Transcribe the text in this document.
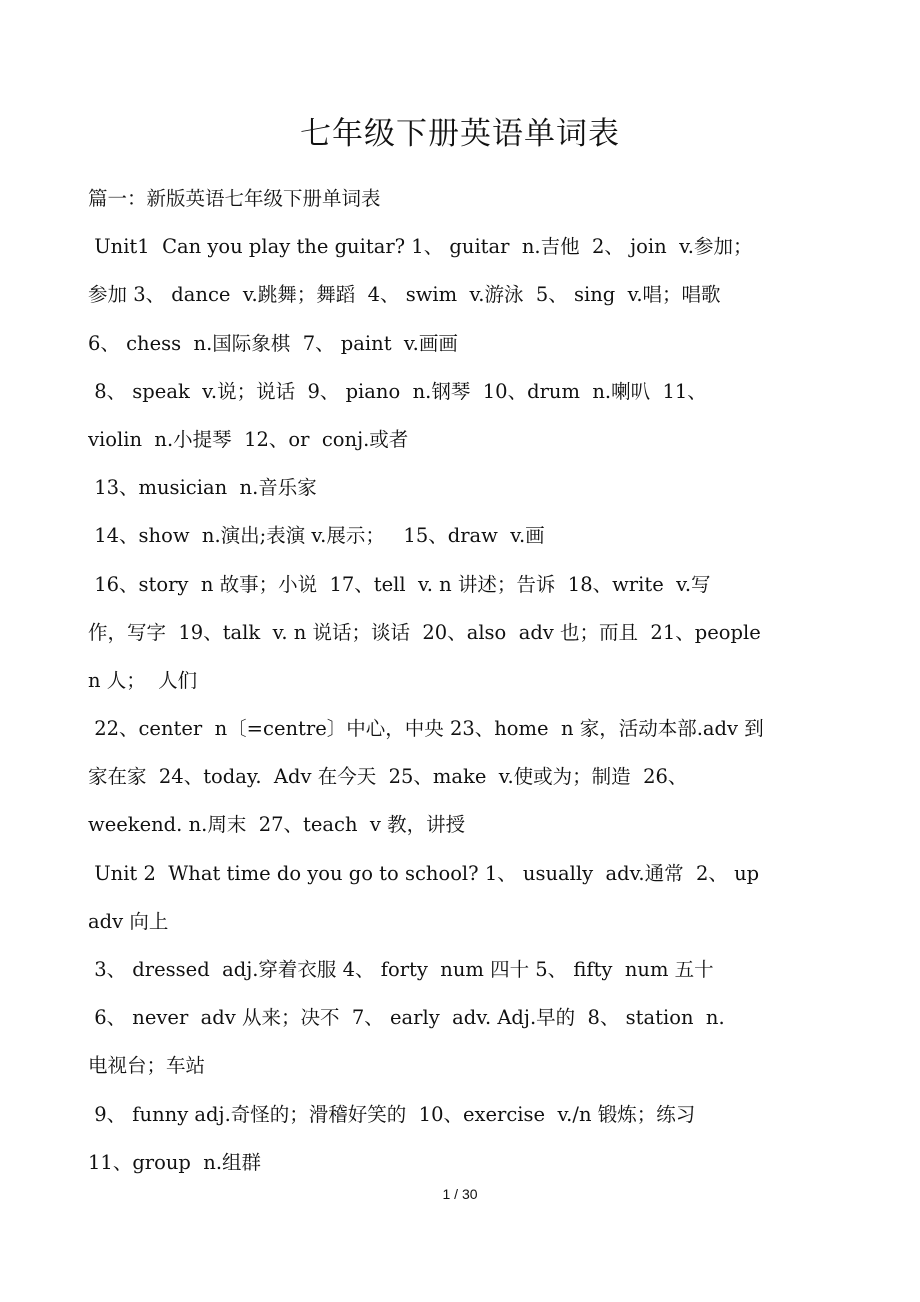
七年级下册英语单词表
篇一：新版英语七年级下册单词表
Unit1  Can you play the guitar? 1、 guitar  n.吉他  2、 join  v.参加；
参加 3、 dance  v.跳舞；舞蹈  4、 swim  v.游泳  5、 sing  v.唱；唱歌
6、 chess  n.国际象棋  7、 paint  v.画画
8、 speak  v.说；说话  9、 piano  n.钢琴  10、drum  n.喇叭  11、
violin  n.小提琴  12、or  conj.或者
13、musician  n.音乐家
14、show  n.演出;表演 v.展示；   15、draw  v.画
16、story  n 故事；小说  17、tell  v. n 讲述；告诉  18、write  v.写
作，写字  19、talk  v. n 说话；谈话  20、also  adv 也；而且  21、people
n 人；  人们
22、center  n〔=centre〕中心，中央 23、home  n 家，活动本部.adv 到
家在家  24、today.  Adv 在今天  25、make  v.使或为；制造  26、
weekend. n.周末  27、teach  v 教，讲授
Unit 2  What time do you go to school? 1、 usually  adv.通常  2、 up
adv 向上
3、 dressed  adj.穿着衣服 4、 forty  num 四十 5、 fifty  num 五十
6、 never  adv 从来；决不  7、 early  adv. Adj.早的  8、 station  n.
电视台；车站
9、 funny adj.奇怪的；滑稽好笑的  10、exercise  v./n 锻炼；练习
11、group  n.组群
1 / 30
